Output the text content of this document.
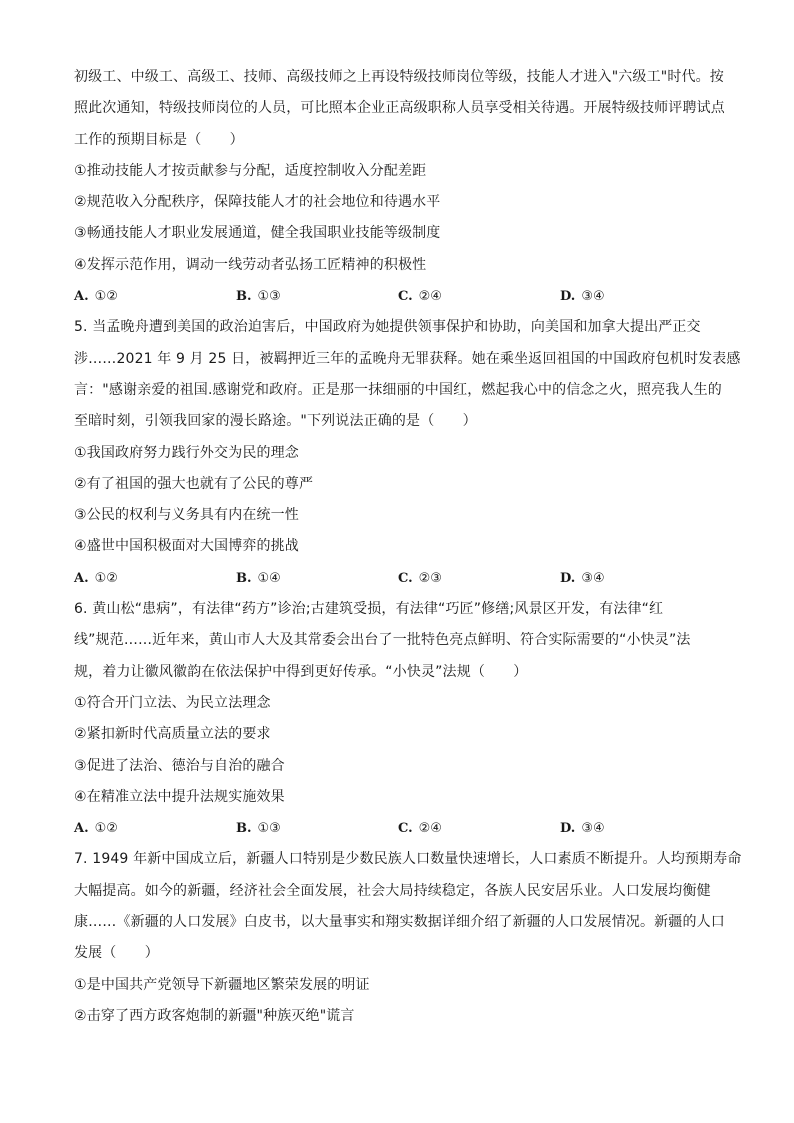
初级工、中级工、高级工、技师、高级技师之上再设特级技师岗位等级，技能人才进入"六级工"时代。按
照此次通知，特级技师岗位的人员，可比照本企业正高级职称人员享受相关待遇。开展特级技师评聘试点
工作的预期目标是（　　）
①推动技能人才按贡献参与分配，适度控制收入分配差距
②规范收入分配秩序，保障技能人才的社会地位和待遇水平
③畅通技能人才职业发展通道，健全我国职业技能等级制度
④发挥示范作用，调动一线劳动者弘扬工匠精神的积极性
A. ①②	B. ①③	C. ②④	D. ③④
5. 当孟晚舟遭到美国的政治迫害后，中国政府为她提供领事保护和协助，向美国和加拿大提出严正交
涉……2021 年 9 月 25 日，被羁押近三年的孟晚舟无罪获释。她在乘坐返回祖国的中国政府包机时发表感
言："感谢亲爱的祖国.感谢党和政府。正是那一抹细丽的中国红，燃起我心中的信念之火，照亮我人生的
至暗时刻，引领我回家的漫长路途。"下列说法正确的是（　　）
①我国政府努力践行外交为民的理念
②有了祖国的强大也就有了公民的尊严
③公民的权利与义务具有内在统一性
④盛世中国积极面对大国博弈的挑战
A. ①②	B. ①④	C. ②③	D. ③④
6. 黄山松“患病”，有法律“药方”诊治;古建筑受损，有法律“巧匠”修缮;风景区开发，有法律“红
线”规范……近年来，黄山市人大及其常委会出台了一批特色亮点鲜明、符合实际需要的“小快灵”法
规，着力让徽风徽韵在依法保护中得到更好传承。“小快灵”法规（　　）
①符合开门立法、为民立法理念
②紧扣新时代高质量立法的要求
③促进了法治、德治与自治的融合
④在精准立法中提升法规实施效果
A. ①②	B. ①③	C. ②④	D. ③④
7. 1949 年新中国成立后，新疆人口特别是少数民族人口数量快速增长，人口素质不断提升。人均预期寿命
大幅提高。如今的新疆，经济社会全面发展，社会大局持续稳定，各族人民安居乐业。人口发展均衡健
康……《新疆的人口发展》白皮书，以大量事实和翔实数据详细介绍了新疆的人口发展情况。新疆的人口
发展（　　）
①是中国共产党领导下新疆地区繁荣发展的明证
②击穿了西方政客炮制的新疆"种族灭绝"谎言
